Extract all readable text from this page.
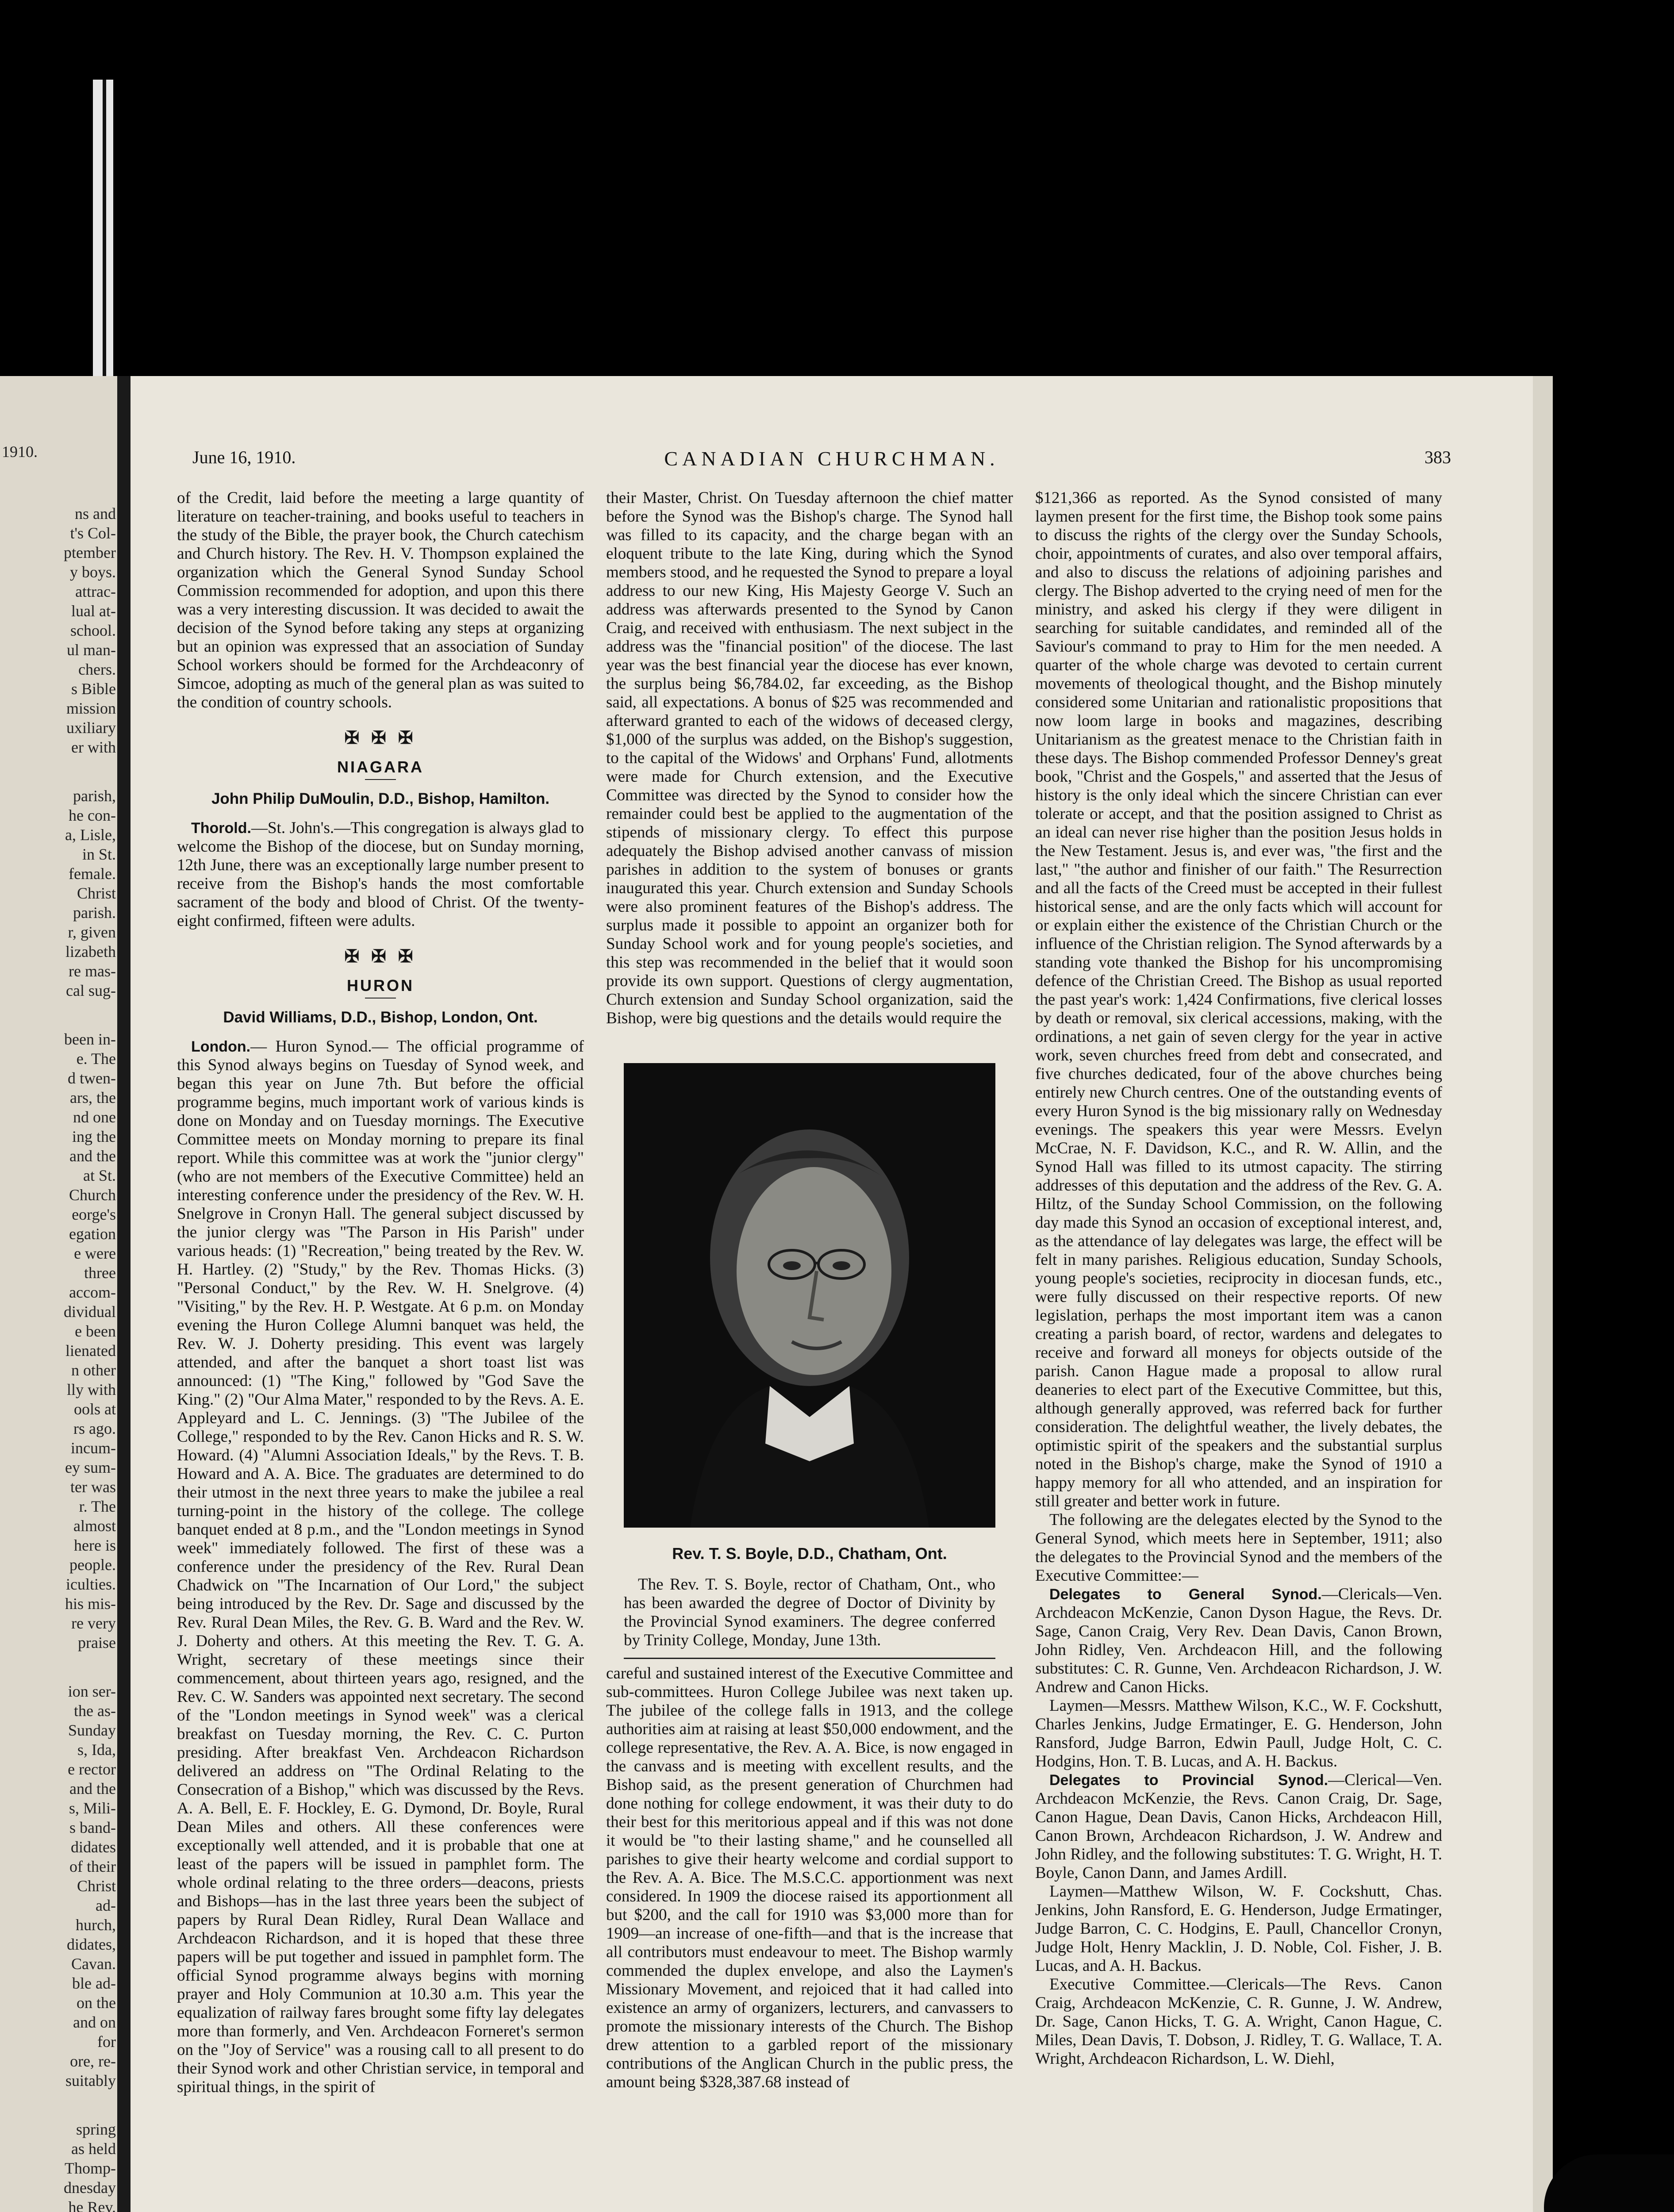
1910.
ns and
t's Col-
ptember
y boys.
attrac-
lual at-
school.
ul man-
chers.
s Bible
mission
uxiliary
er with
parish,
he con-
a, Lisle,
in St.
female.
Christ
parish.
r, given
lizabeth
re mas-
cal sug-
been in-
e. The
d twen-
ars, the
nd one
ing the
and the
at St.
Church
eorge's
egation
e were
three
accom-
dividual
e been
lienated
n other
lly with
ools at
rs ago.
incum-
ey sum-
ter was
r. The
almost
here is
people.
iculties.
his mis-
re very
praise
ion ser-
the as-
Sunday
s, Ida,
e rector
and the
s, Mili-
s band-
didates
of their
Christ
ad-
hurch,
didates,
Cavan.
ble ad-
on the
and on
for
ore, re-
suitably
spring
as held
Thomp-
dnesday
he Rev.
CANADIAN CHURCHMAN.
June 16, 1910.	383

of the Credit, laid before the meeting a large quantity of literature on teacher-training, and books useful to teachers in the study of the Bible, the prayer book, the Church catechism and Church history. The Rev. H. V. Thompson explained the organization which the General Synod Sunday School Commission recommended for adoption, and upon this there was a very interesting discussion. It was decided to await the decision of the Synod before taking any steps at organizing but an opinion was expressed that an association of Sunday School workers should be formed for the Archdeaconry of Simcoe, adopting as much of the general plan as was suited to the condition of country schools.

✠ ✠ ✠
NIAGARA
John Philip DuMoulin, D.D., Bishop, Hamilton.

Thorold.—St. John's.—This congregation is always glad to welcome the Bishop of the diocese, but on Sunday morning, 12th June, there was an exceptionally large number present to receive from the Bishop's hands the most comfortable sacrament of the body and blood of Christ. Of the twenty-eight confirmed, fifteen were adults.

✠ ✠ ✠
HURON
David Williams, D.D., Bishop, London, Ont.

London.— Huron Synod.— The official programme of this Synod always begins on Tuesday of Synod week, and began this year on June 7th. But before the official programme begins, much important work of various kinds is done on Monday and on Tuesday mornings. The Executive Committee meets on Monday morning to prepare its final report. While this committee was at work the "junior clergy" (who are not members of the Executive Committee) held an interesting conference under the presidency of the Rev. W. H. Snelgrove in Cronyn Hall. The general subject discussed by the junior clergy was "The Parson in His Parish" under various heads: (1) "Recreation," being treated by the Rev. W. H. Hartley. (2) "Study," by the Rev. Thomas Hicks. (3) "Personal Conduct," by the Rev. W. H. Snelgrove. (4) "Visiting," by the Rev. H. P. Westgate. At 6 p.m. on Monday evening the Huron College Alumni banquet was held, the Rev. W. J. Doherty presiding. This event was largely attended, and after the banquet a short toast list was announced: (1) "The King," followed by "God Save the King." (2) "Our Alma Mater," responded to by the Revs. A. E. Appleyard and L. C. Jennings. (3) "The Jubilee of the College," responded to by the Rev. Canon Hicks and R. S. W. Howard. (4) "Alumni Association Ideals," by the Revs. T. B. Howard and A. A. Bice. The graduates are determined to do their utmost in the next three years to make the jubilee a real turning-point in the history of the college. The college banquet ended at 8 p.m., and the "London meetings in Synod week" immediately followed. The first of these was a conference under the presidency of the Rev. Rural Dean Chadwick on "The Incarnation of Our Lord," the subject being introduced by the Rev. Dr. Sage and discussed by the Rev. Rural Dean Miles, the Rev. G. B. Ward and the Rev. W. J. Doherty and others. At this meeting the Rev. T. G. A. Wright, secretary of these meetings since their commencement, about thirteen years ago, resigned, and the Rev. C. W. Sanders was appointed next secretary. The second of the "London meetings in Synod week" was a clerical breakfast on Tuesday morning, the Rev. C. C. Purton presiding. After breakfast Ven. Archdeacon Richardson delivered an address on "The Ordinal Relating to the Consecration of a Bishop," which was discussed by the Revs. A. A. Bell, E. F. Hockley, E. G. Dymond, Dr. Boyle, Rural Dean Miles and others. All these conferences were exceptionally well attended, and it is probable that one at least of the papers will be issued in pamphlet form. The whole ordinal relating to the three orders—deacons, priests and Bishops—has in the last three years been the subject of papers by Rural Dean Ridley, Rural Dean Wallace and Archdeacon Richardson, and it is hoped that these three papers will be put together and issued in pamphlet form. The official Synod programme always begins with morning prayer and Holy Communion at 10.30 a.m. This year the equalization of railway fares brought some fifty lay delegates more than formerly, and Ven. Archdeacon Forneret's sermon on the "Joy of Service" was a rousing call to all present to do their Synod work and other Christian service, in temporal and spiritual things, in the spirit of

their Master, Christ. On Tuesday afternoon the chief matter before the Synod was the Bishop's charge. The Synod hall was filled to its capacity, and the charge began with an eloquent tribute to the late King, during which the Synod members stood, and he requested the Synod to prepare a loyal address to our new King, His Majesty George V. Such an address was afterwards presented to the Synod by Canon Craig, and received with enthusiasm. The next subject in the address was the "financial position" of the diocese. The last year was the best financial year the diocese has ever known, the surplus being $6,784.02, far exceeding, as the Bishop said, all expectations. A bonus of $25 was recommended and afterward granted to each of the widows of deceased clergy, $1,000 of the surplus was added, on the Bishop's suggestion, to the capital of the Widows' and Orphans' Fund, allotments were made for Church extension, and the Executive Committee was directed by the Synod to consider how the remainder could best be applied to the augmentation of the stipends of missionary clergy. To effect this purpose adequately the Bishop advised another canvass of mission parishes in addition to the system of bonuses or grants inaugurated this year. Church extension and Sunday Schools were also prominent features of the Bishop's address. The surplus made it possible to appoint an organizer both for Sunday School work and for young people's societies, and this step was recommended in the belief that it would soon provide its own support. Questions of clergy augmentation, Church extension and Sunday School organization, said the Bishop, were big questions and the details would require the

Rev. T. S. Boyle, D.D., Chatham, Ont.

The Rev. T. S. Boyle, rector of Chatham, Ont., who has been awarded the degree of Doctor of Divinity by the Provincial Synod examiners. The degree conferred by Trinity College, Monday, June 13th.

careful and sustained interest of the Executive Committee and sub-committees. Huron College Jubilee was next taken up. The jubilee of the college falls in 1913, and the college authorities aim at raising at least $50,000 endowment, and the college representative, the Rev. A. A. Bice, is now engaged in the canvass and is meeting with excellent results, and the Bishop said, as the present generation of Churchmen had done nothing for college endowment, it was their duty to do their best for this meritorious appeal and if this was not done it would be "to their lasting shame," and he counselled all parishes to give their hearty welcome and cordial support to the Rev. A. A. Bice. The M.S.C.C. apportionment was next considered. In 1909 the diocese raised its apportionment all but $200, and the call for 1910 was $3,000 more than for 1909—an increase of one-fifth—and that is the increase that all contributors must endeavour to meet. The Bishop warmly commended the duplex envelope, and also the Laymen's Missionary Movement, and rejoiced that it had called into existence an army of organizers, lecturers, and canvassers to promote the missionary interests of the Church. The Bishop drew attention to a garbled report of the missionary contributions of the Anglican Church in the public press, the amount being $328,387.68 instead of

$121,366 as reported. As the Synod consisted of many laymen present for the first time, the Bishop took some pains to discuss the rights of the clergy over the Sunday Schools, choir, appointments of curates, and also over temporal affairs, and also to discuss the relations of adjoining parishes and clergy. The Bishop adverted to the crying need of men for the ministry, and asked his clergy if they were diligent in searching for suitable candidates, and reminded all of the Saviour's command to pray to Him for the men needed. A quarter of the whole charge was devoted to certain current movements of theological thought, and the Bishop minutely considered some Unitarian and rationalistic propositions that now loom large in books and magazines, describing Unitarianism as the greatest menace to the Christian faith in these days. The Bishop commended Professor Denney's great book, "Christ and the Gospels," and asserted that the Jesus of history is the only ideal which the sincere Christian can ever tolerate or accept, and that the position assigned to Christ as an ideal can never rise higher than the position Jesus holds in the New Testament. Jesus is, and ever was, "the first and the last," "the author and finisher of our faith." The Resurrection and all the facts of the Creed must be accepted in their fullest historical sense, and are the only facts which will account for or explain either the existence of the Christian Church or the influence of the Christian religion. The Synod afterwards by a standing vote thanked the Bishop for his uncompromising defence of the Christian Creed. The Bishop as usual reported the past year's work: 1,424 Confirmations, five clerical losses by death or removal, six clerical accessions, making, with the ordinations, a net gain of seven clergy for the year in active work, seven churches freed from debt and consecrated, and five churches dedicated, four of the above churches being entirely new Church centres. One of the outstanding events of every Huron Synod is the big missionary rally on Wednesday evenings. The speakers this year were Messrs. Evelyn McCrae, N. F. Davidson, K.C., and R. W. Allin, and the Synod Hall was filled to its utmost capacity. The stirring addresses of this deputation and the address of the Rev. G. A. Hiltz, of the Sunday School Commission, on the following day made this Synod an occasion of exceptional interest, and, as the attendance of lay delegates was large, the effect will be felt in many parishes. Religious education, Sunday Schools, young people's societies, reciprocity in diocesan funds, etc., were fully discussed on their respective reports. Of new legislation, perhaps the most important item was a canon creating a parish board, of rector, wardens and delegates to receive and forward all moneys for objects outside of the parish. Canon Hague made a proposal to allow rural deaneries to elect part of the Executive Committee, but this, although generally approved, was referred back for further consideration. The delightful weather, the lively debates, the optimistic spirit of the speakers and the substantial surplus noted in the Bishop's charge, make the Synod of 1910 a happy memory for all who attended, and an inspiration for still greater and better work in future.

The following are the delegates elected by the Synod to the General Synod, which meets here in September, 1911; also the delegates to the Provincial Synod and the members of the Executive Committee:—

Delegates to General Synod.—Clericals—Ven. Archdeacon McKenzie, Canon Dyson Hague, the Revs. Dr. Sage, Canon Craig, Very Rev. Dean Davis, Canon Brown, John Ridley, Ven. Archdeacon Hill, and the following substitutes: C. R. Gunne, Ven. Archdeacon Richardson, J. W. Andrew and Canon Hicks.

Laymen—Messrs. Matthew Wilson, K.C., W. F. Cockshutt, Charles Jenkins, Judge Ermatinger, E. G. Henderson, John Ransford, Judge Barron, Edwin Paull, Judge Holt, C. C. Hodgins, Hon. T. B. Lucas, and A. H. Backus.

Delegates to Provincial Synod.—Clerical—Ven. Archdeacon McKenzie, the Revs. Canon Craig, Dr. Sage, Canon Hague, Dean Davis, Canon Hicks, Archdeacon Hill, Canon Brown, Archdeacon Richardson, J. W. Andrew and John Ridley, and the following substitutes: T. G. Wright, H. T. Boyle, Canon Dann, and James Ardill.

Laymen—Matthew Wilson, W. F. Cockshutt, Chas. Jenkins, John Ransford, E. G. Henderson, Judge Ermatinger, Judge Barron, C. C. Hodgins, E. Paull, Chancellor Cronyn, Judge Holt, Henry Macklin, J. D. Noble, Col. Fisher, J. B. Lucas, and A. H. Backus.

Executive Committee.—Clericals—The Revs. Canon Craig, Archdeacon McKenzie, C. R. Gunne, J. W. Andrew, Dr. Sage, Canon Hicks, T. G. A. Wright, Canon Hague, C. Miles, Dean Davis, T. Dobson, J. Ridley, T. G. Wallace, T. A. Wright, Archdeacon Richardson, L. W. Diehl,
